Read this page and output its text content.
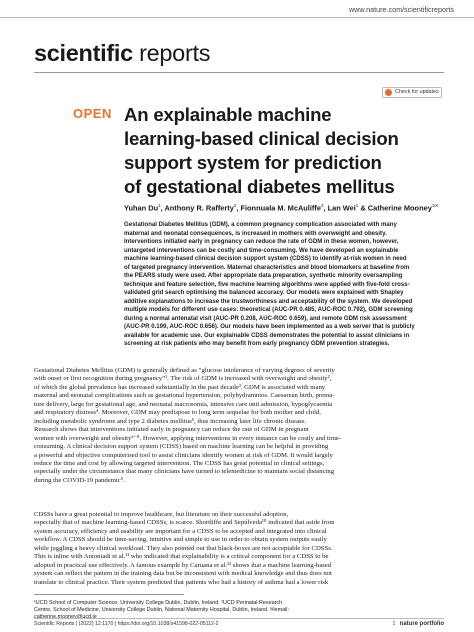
www.nature.com/scientificreports
scientific reports
Check for updates
OPEN An explainable machine
learning-based clinical decision
support system for prediction
of gestational diabetes mellitus
Yuhan Du$^1$, Anthony R. Rafferty$^2$, Fionnuala M. McAuliffe$^2$, Lan Wei$^1$ & Catherine Mooney$^{1✉}$
Gestational Diabetes Mellitus (GDM), a common pregnancy complication associated with many
maternal and neonatal consequences, is increased in mothers with overweight and obesity.
Interventions initiated early in pregnancy can reduce the rate of GDM in these women, however,
untargeted interventions can be costly and time-consuming. We have developed an explainable
machine learning-based clinical decision support system (CDSS) to identify at-risk women in need
of targeted pregnancy intervention. Maternal characteristics and blood biomarkers at baseline from
the PEARS study were used. After appropriate data preparation, synthetic minority oversampling
technique and feature selection, five machine learning algorithms were applied with five-fold cross-
validated grid search optimising the balanced accuracy. Our models were explained with Shapley
additive explanations to increase the trustworthiness and acceptability of the system. We developed
multiple models for different use cases: theoretical (AUC-PR 0.485, AUC-ROC 0.792), GDM screening
during a normal antenatal visit (AUC-PR 0.208, AUC-ROC 0.659), and remote GDM risk assessment
(AUC-PR 0.199, AUC-ROC 0.656). Our models have been implemented as a web server that is publicly
available for academic use. Our explainable CDSS demonstrates the potential to assist clinicians in
screening at risk patients who may benefit from early pregnancy GDM prevention strategies.
Gestational Diabetes Mellitus (GDM) is generally defined as “glucose intolerance of varying degrees of severity
with onset or first recognition during pregnancy”¹. The risk of GDM is increased with overweight and obesity²,
of which the global prevalence has increased substantially in the past decade³. GDM is associated with many
maternal and neonatal complications such as gestational hypertension, polyhydramnios. Caesarean birth, prema-
ture delivery, large for gestational age, and neonatal macrosomia, intensive care unit admission, hypoglycaemia
and respiratory distress⁴. Moreover, GDM may predispose to long term sequelae for both mother and child,
including metabolic syndrome and type 2 diabetes mellitus⁵, thus increasing later life chronic disease.
Research shows that interventions initiated early in pregnancy can reduce the rate of GDM in pregnant
women with overweight and obesity⁶⁻⁸. However, applying interventions in every instance can be costly and time-
consuming. A clinical decision support system (CDSS) based on machine learning can be helpful in providing
a powerful and objective computerised tool to assist clinicians identify women at risk of GDM. It would largely
reduce the time and cost by allowing targeted intervention. The CDSS has great potential in clinical settings,
especially under the circumstance that many clinicians have turned to telemedicine to maintain social distancing
during the COVID-19 pandemic⁹.
CDSSs have a great potential to improve healthcare, but literature on their successful adoption,
especially that of machine learning-based CDSSs, is scarce. Shortliffe and Sepúlveda¹⁰ indicated that aside from
system accuracy, efficiency and usability are important for a CDSS to be accepted and integrated into clinical
workflow. A CDSS should be time-saving, intuitive and simple to use in order to obtain system outputs easily
while juggling a heavy clinical workload. They also pointed out that black-boxes are not acceptable for CDSSs.
This is inline with Antoniadi et al.¹¹ who indicated that explainability is a critical component for a CDSS to be
adopted in practical use effectively. A famous example by Caruana et al.¹² shows that a machine learning-based
system can reflect the pattern in the training data but be inconsistent with medical knowledge and thus does not
translate to clinical practice. Their system predicted that patients who had a history of asthma had a lower risk
¹UCD School of Computer Science, University College Dublin, Dublin, Ireland. ²UCD Perinatal Research
Centre, School of Medicine, University College Dublin, National Maternity Hospital, Dublin, Ireland. ✉email:
Scientific Reports | (2022) 12:1170 | https://doi.org/10.1038/s41598-022-05112-2	1 nature portfolio
